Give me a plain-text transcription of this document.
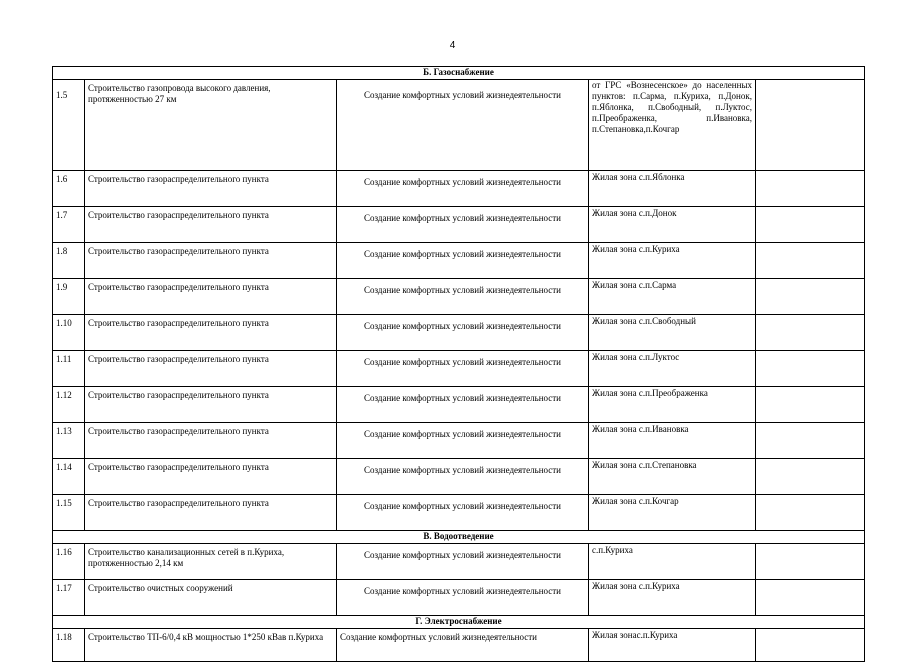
4
Б. Газоснабжение				
1.5	Строительство газопровода высокого давления, протяженностью 27 км	Создание комфортных условий жизнедеятельности	от ГРС «Вознесенское» до населенных пунктов: п.Сарма, п.Куриха, п.Донок, п.Яблонка, п.Свободный, п.Луктос, п.Преображенка, п.Ивановка, п.Степановка,п.Кочгар	
1.6	Строительство газораспределительного пункта	Создание комфортных условий жизнедеятельности	Жилая зона с.п.Яблонка	
1.7	Строительство газораспределительного пункта	Создание комфортных условий жизнедеятельности	Жилая зона с.п.Донок	
1.8	Строительство газораспределительного пункта	Создание комфортных условий жизнедеятельности	Жилая зона с.п.Куриха	
1.9	Строительство газораспределительного пункта	Создание комфортных условий жизнедеятельности	Жилая зона с.п.Сарма	
1.10	Строительство газораспределительного пункта	Создание комфортных условий жизнедеятельности	Жилая зона с.п.Свободный	
1.11	Строительство газораспределительного пункта	Создание комфортных условий жизнедеятельности	Жилая зона с.п.Луктос	
1.12	Строительство газораспределительного пункта	Создание комфортных условий жизнедеятельности	Жилая зона с.п.Преображенка	
1.13	Строительство газораспределительного пункта	Создание комфортных условий жизнедеятельности	Жилая зона с.п.Ивановка	
1.14	Строительство газораспределительного пункта	Создание комфортных условий жизнедеятельности	Жилая зона с.п.Степановка	
1.15	Строительство газораспределительного пункта	Создание комфортных условий жизнедеятельности	Жилая зона с.п.Кочгар	
В. Водоотведение				
1.16	Строительство канализационных сетей в п.Куриха, протяженностью 2,14 км	Создание комфортных условий жизнедеятельности	с.п.Куриха	
1.17	Строительство очистных сооружений	Создание комфортных условий жизнедеятельности	Жилая зона с.п.Куриха	
Г. Электроснабжение				
1.18	Строительство ТП-6/0,4 кВ мощностью 1*250 кВав п.Куриха	Создание комфортных условий жизнедеятельности	Жилая зонас.п.Куриха	
